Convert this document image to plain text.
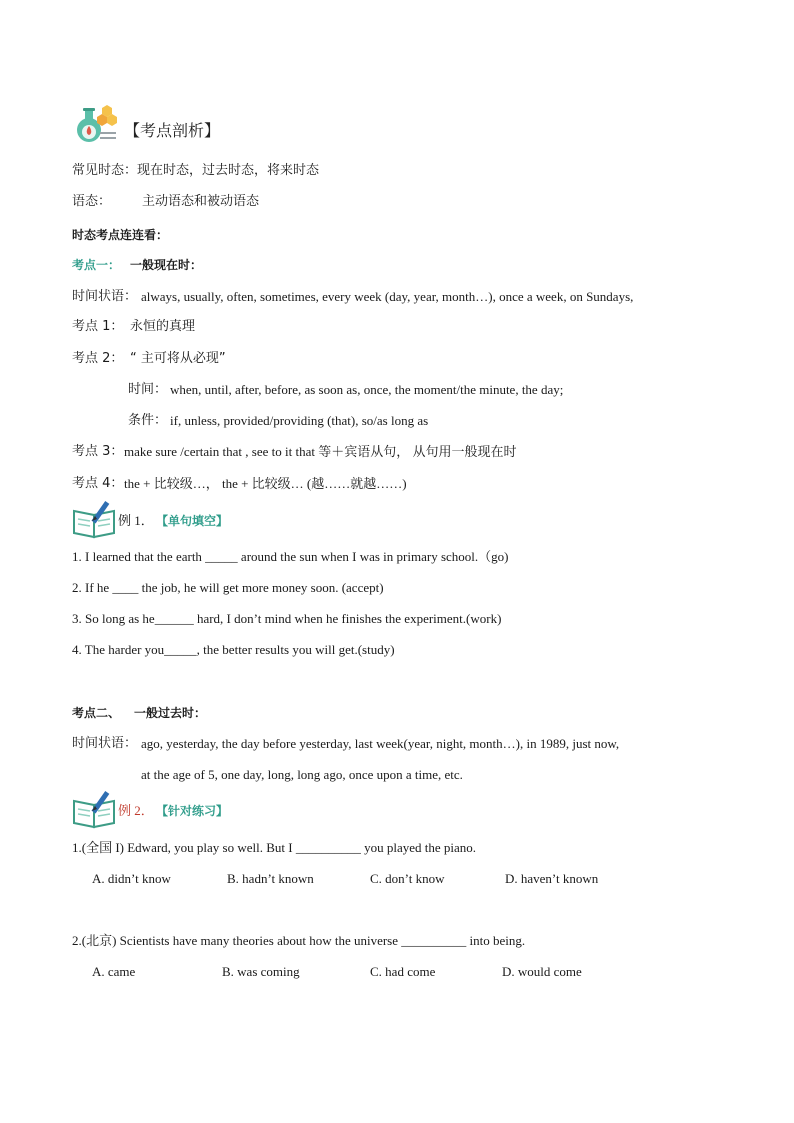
【考点剖析】
常见时态：现在时态，过去时态，将来时态
语态： 主动语态和被动语态
时态考点连连看：
考点一： 一般现在时：
时间状语： always, usually, often, sometimes, every week (day, year, month…), once a week, on Sundays,
考点 1： 永恒的真理
考点 2： “ 主可将从必现”
时间： when, until, after, before, as soon as, once, the moment/the minute, the day;
条件： if, unless, provided/providing (that), so/as long as
考点 3： make sure /certain that , see to it that 等＋宾语从句， 从句用一般现在时
考点 4： the + 比较级…， the + 比较级… (越……就越……)
例 1． 【单句填空】
1. I learned that the earth _____ around the sun when I was in primary school.（go)
2. If he ____ the job, he will get more money soon. (accept)
3. So long as he______ hard, I don’t mind when he finishes the experiment.(work)
4. The harder you_____, the better results you will get.(study)
考点二、 一般过去时：
时间状语： ago, yesterday, the day before yesterday, last week(year, night, month…), in 1989, just now,
at the age of 5, one day, long, long ago, once upon a time, etc.
例 2． 【针对练习】
1.(全国 I) Edward, you play so well. But I __________ you played the piano.
A. didn’t know	B. hadn’t known	C. don’t know	D. haven’t known
2.(北京) Scientists have many theories about how the universe __________ into being.
A. came	B. was coming	C. had come	D. would come
